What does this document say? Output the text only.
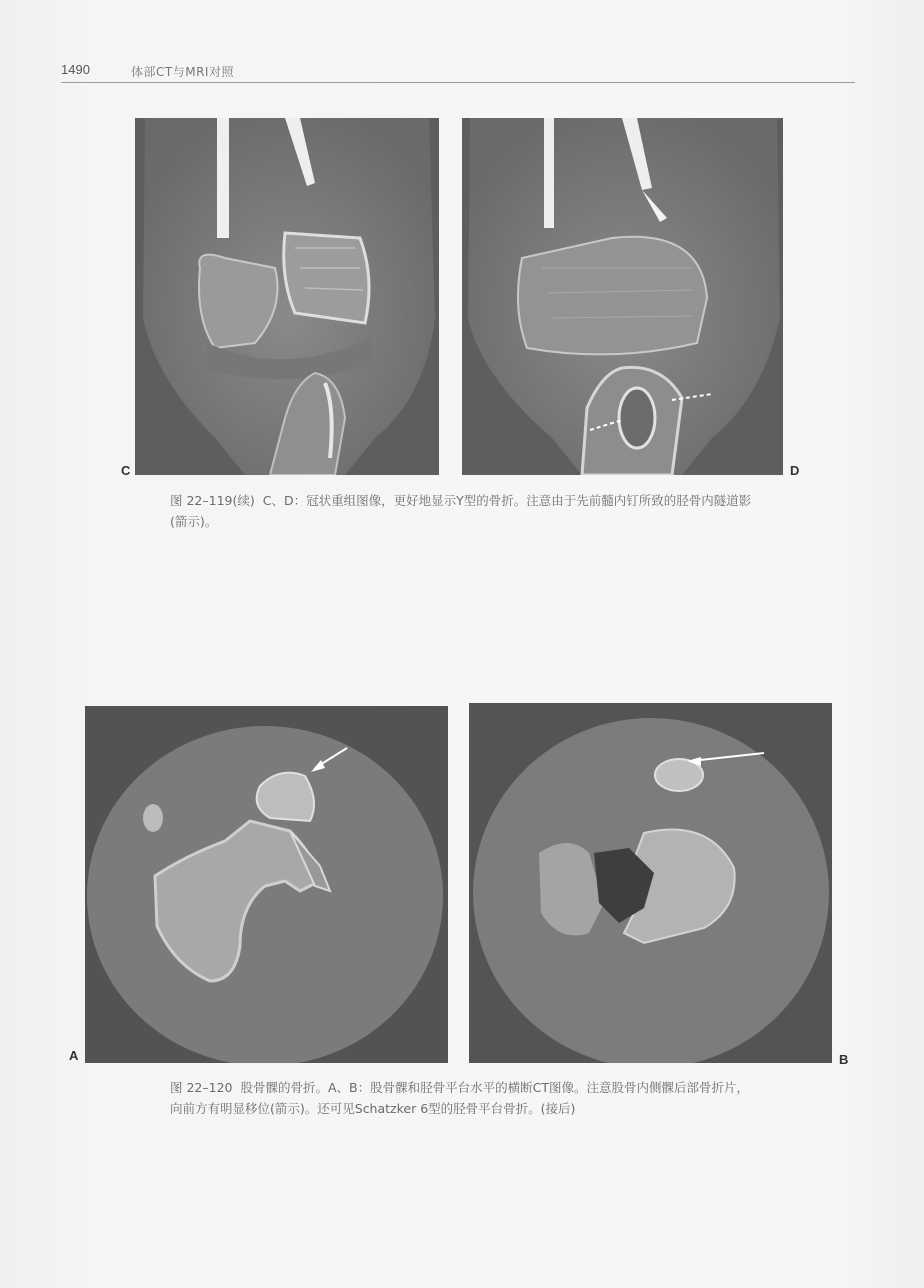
1490	体部CT与MRI对照
C	D
图 22–119(续) C、D：冠状重组图像，更好地显示Y型的骨折。注意由于先前髓内钉所致的胫骨内隧道影(箭示)。
A	B
图 22–120 股骨髁的骨折。A、B：股骨髁和胫骨平台水平的横断CT图像。注意股骨内侧髁后部骨折片，向前方有明显移位(箭示)。还可见Schatzker 6型的胫骨平台骨折。(接后)
